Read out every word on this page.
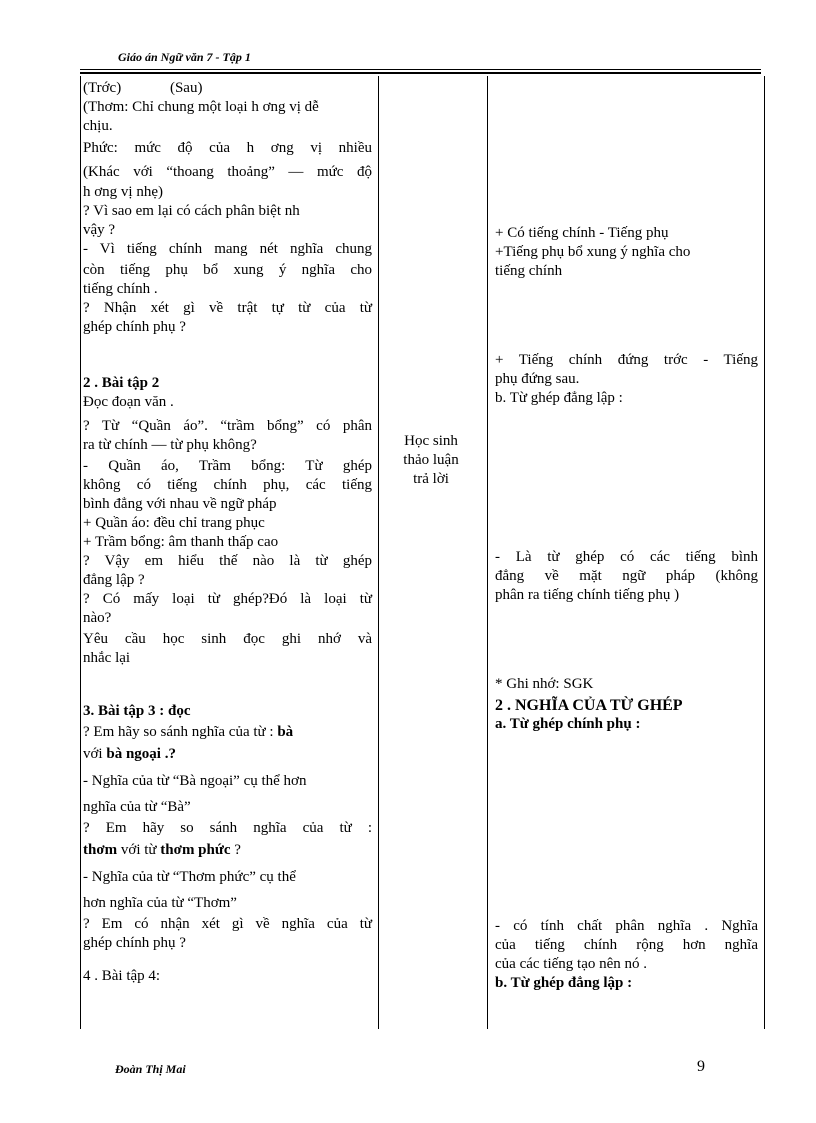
Giáo án Ngữ văn 7 - Tập 1

(Trớc)             (Sau)

(Thơm: Chỉ chung một loại h ơng vị dễ

chịu.

Phức: mức độ của h ơng vị nhiều

(Khác với “thoang thoảng” — mức độ

h ơng vị nhẹ)

? Vì sao em lại có cách phân biệt nh

vậy ?

- Vì tiếng chính mang nét nghĩa chung

còn tiếng phụ bổ xung ý nghĩa cho

tiếng chính .

? Nhận xét gì về trật tự từ của từ

ghép chính phụ ?

2 . Bài tập 2

Đọc đoạn văn .

? Từ “Quần áo”. “trầm bổng” có phân

ra từ chính — từ phụ không?

- Quần áo, Trầm bổng: Từ ghép

không có tiếng chính phụ, các tiếng

bình đẳng với nhau về ngữ pháp

+ Quần áo: đều chỉ trang phục

+ Trầm bổng: âm thanh thấp cao

? Vậy em hiểu thế nào là từ ghép

đẳng lập ?

? Có mấy loại từ ghép?Đó là loại từ

nào?

Yêu cầu học sinh đọc ghi nhớ và

nhắc lại

3. Bài tập 3 : đọc

? Em hãy so sánh nghĩa của từ : bà

với bà ngoại .?

- Nghĩa của từ “Bà ngoại” cụ thể hơn

nghĩa của từ “Bà”

? Em hãy so sánh nghĩa của từ :

thơm với từ thơm phức ?

- Nghĩa của từ “Thơm phức” cụ thể

hơn nghĩa của từ “Thơm”

? Em có nhận xét gì về nghĩa của từ

ghép chính phụ ?

4 . Bài tập 4:

Học sinh

thảo luận

trả lời

+ Có tiếng chính - Tiếng phụ

+Tiếng phụ bổ xung ý nghĩa cho

tiếng chính

+ Tiếng chính đứng trớc - Tiếng

phụ đứng sau.

b. Từ ghép đẳng lập :

- Là từ ghép có các tiếng bình

đẳng về mặt ngữ pháp (không

phân ra tiếng chính tiếng phụ )

* Ghi nhớ: SGK

2 . NGHĨA CỦA TỪ GHÉP

a. Từ ghép chính phụ :

- có tính chất phân nghĩa . Nghĩa

của tiếng chính rộng hơn nghĩa

của các tiếng tạo nên nó .

b. Từ ghép đẳng lập :

Đoàn Thị Mai	9
